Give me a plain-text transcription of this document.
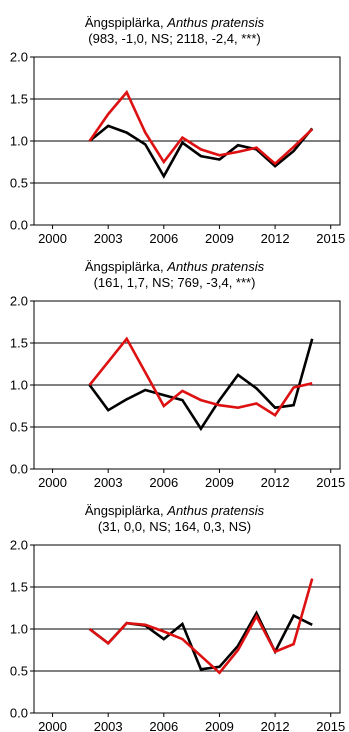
Ängspiplärka, Anthus pratensis
(983, -1,0, NS; 2118, -2,4, ***)
0.0
0.5
1.0
1.5
2.0
2000 2003 2006 2009 2012 2015
Ängspiplärka, Anthus pratensis
(161, 1,7, NS; 769, -3,4, ***)
0.0
0.5
1.0
1.5
2.0
2000 2003 2006 2009 2012 2015
Ängspiplärka, Anthus pratensis
(31, 0,0, NS; 164, 0,3, NS)
0.0
0.5
1.0
1.5
2.0
2000 2003 2006 2009 2012 2015
